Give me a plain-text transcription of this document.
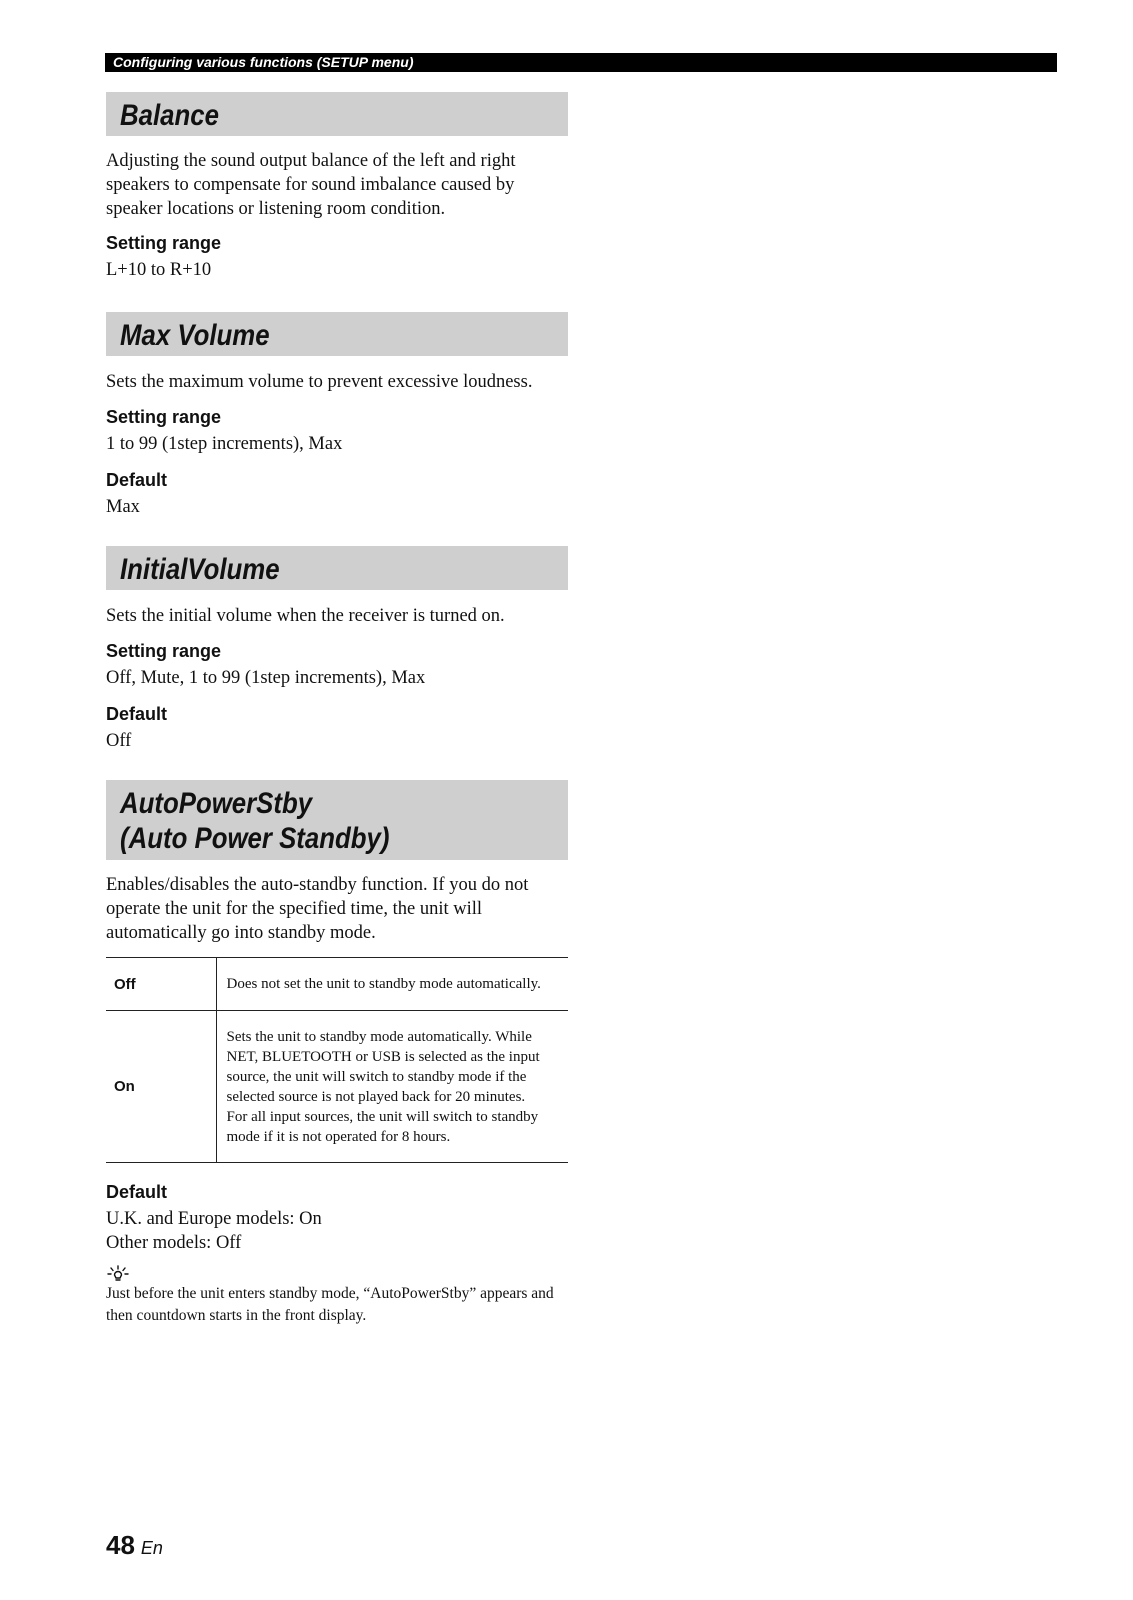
Configuring various functions (SETUP menu)
Balance
Adjusting the sound output balance of the left and right speakers to compensate for sound imbalance caused by speaker locations or listening room condition.
Setting range
L+10 to R+10
Max Volume
Sets the maximum volume to prevent excessive loudness.
Setting range
1 to 99 (1step increments), Max
Default
Max
InitialVolume
Sets the initial volume when the receiver is turned on.
Setting range
Off, Mute, 1 to 99 (1step increments), Max
Default
Off
AutoPowerStby
(Auto Power Standby)
Enables/disables the auto-standby function. If you do not operate the unit for the specified time, the unit will automatically go into standby mode.
Off	Does not set the unit to standby mode automatically.
On	Sets the unit to standby mode automatically. While NET, BLUETOOTH or USB is selected as the input source, the unit will switch to standby mode if the selected source is not played back for 20 minutes.
For all input sources, the unit will switch to standby mode if it is not operated for 8 hours.
Default
U.K. and Europe models: On
Other models: Off
Just before the unit enters standby mode, “AutoPowerStby” appears and then countdown starts in the front display.
48 En
